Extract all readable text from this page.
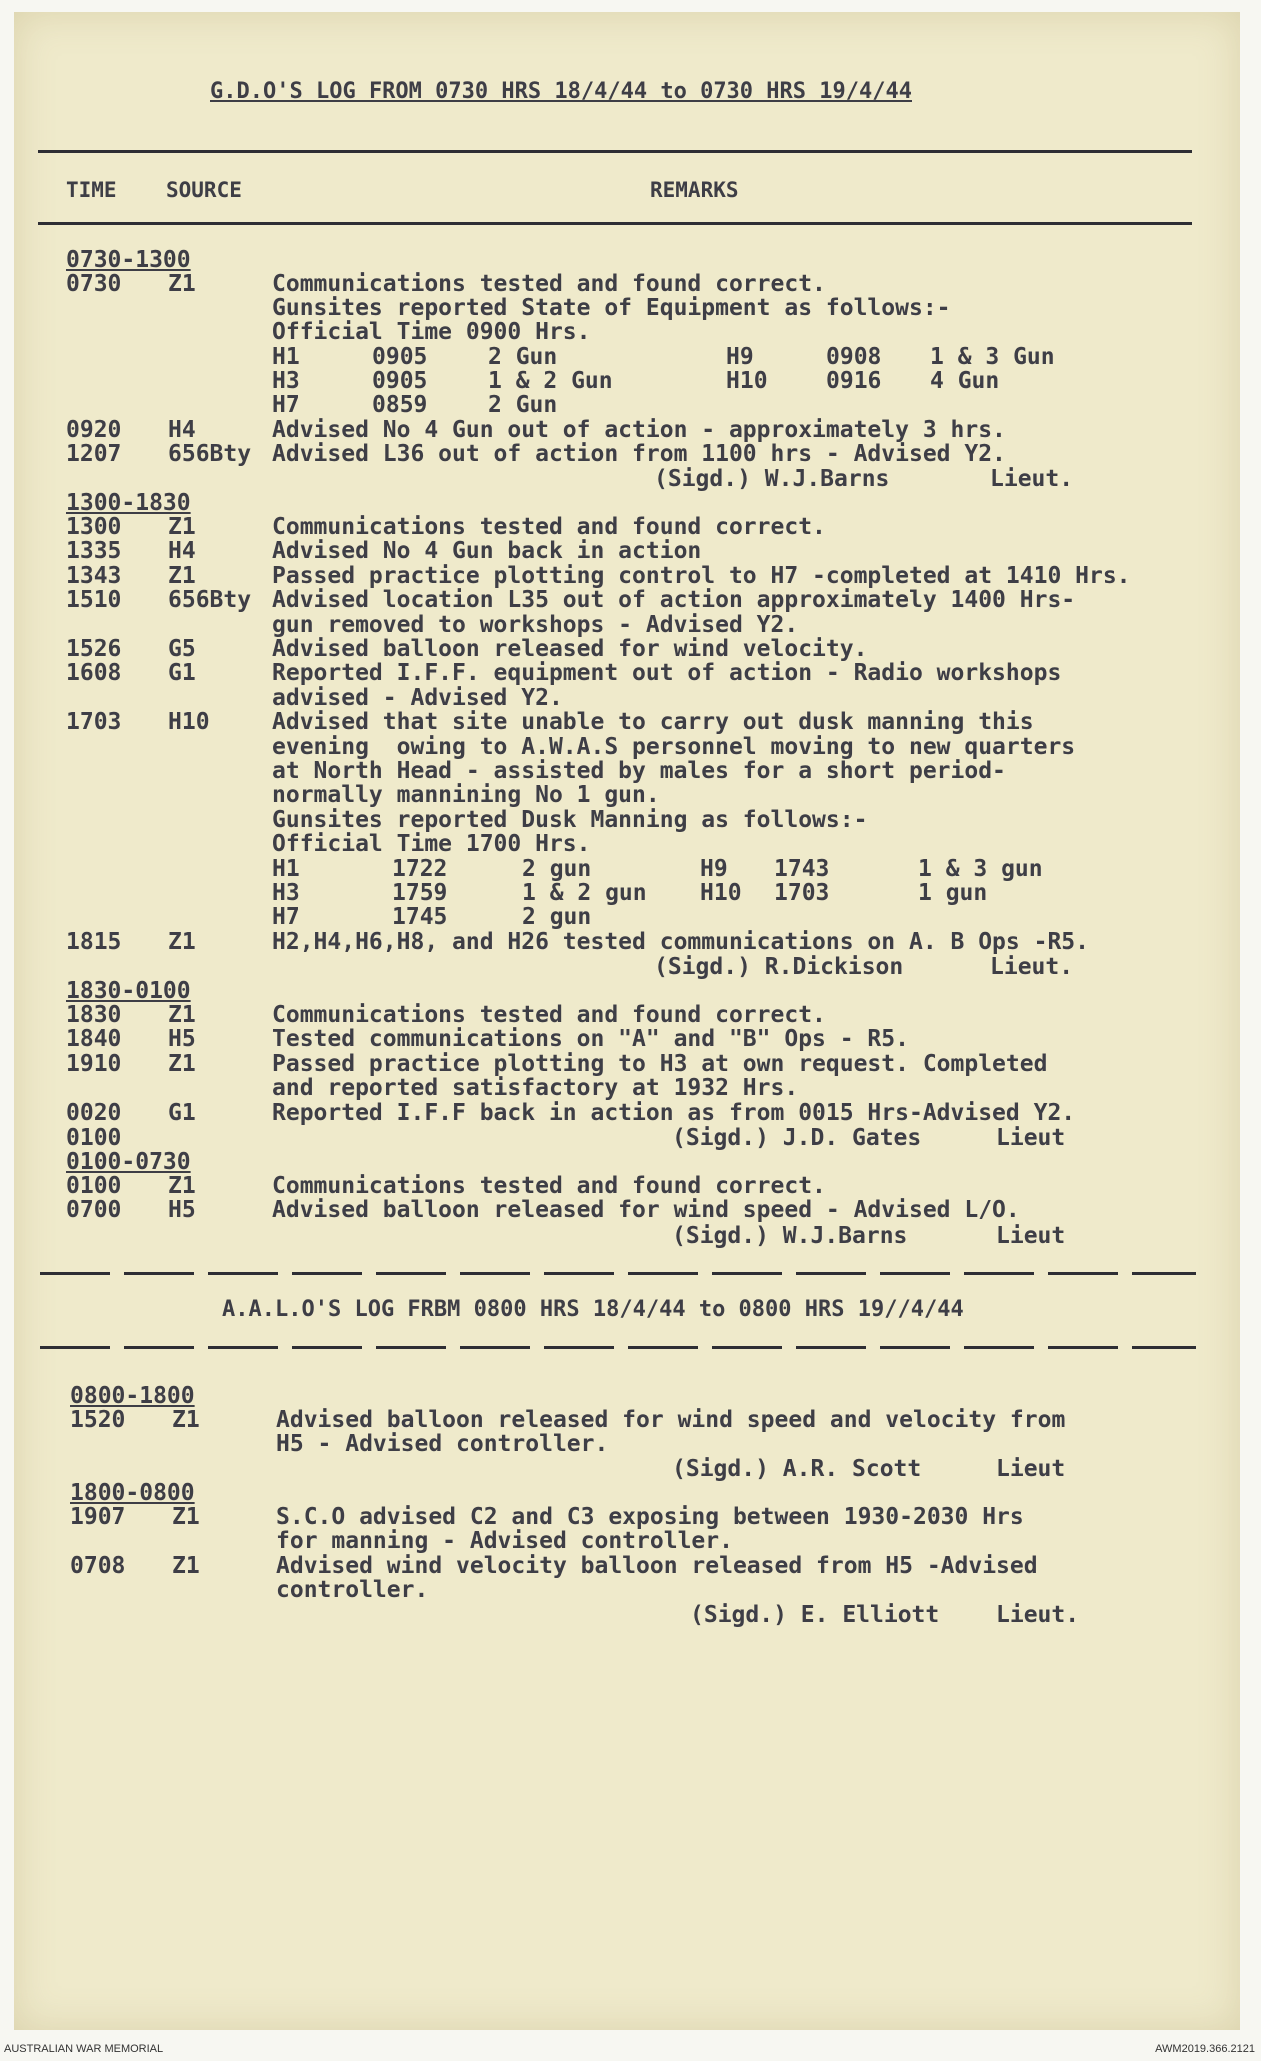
G.D.O'S LOG FROM 0730 HRS 18/4/44 to 0730 HRS 19/4/44
TIME SOURCE	REMARKS
0730-1300
0730 Z1	Communications tested and found correct.
Gunsites reported State of Equipment as follows:-
Official Time 0900 Hrs.
H1	0905	2 Gun	H9	0908 1 & 3 Gun
H3	0905	1 & 2 Gun	H10	0916 4 Gun
H7	0859	2 Gun
0920 H4	Advised No 4 Gun out of action - approximately 3 hrs.
1207 656Bty Advised L36 out of action from 1100 hrs - Advised Y2.
(Sigd.) W.J.Barns	Lieut.
1300-1830
1300 Z1	Communications tested and found correct.
1335 H4	Advised No 4 Gun back in action
1343 Z1	Passed practice plotting control to H7 -completed at 1410 Hrs.
1510 656Bty Advised location L35 out of action approximately 1400 Hrs-
gun removed to workshops - Advised Y2.
1526 G5	Advised balloon released for wind velocity.
1608 G1	Reported I.F.F. equipment out of action - Radio workshops
advised - Advised Y2.
1703 H10	Advised that site unable to carry out dusk manning this
evening  owing to A.W.A.S personnel moving to new quarters
at North Head - assisted by males for a short period-
normally mannining No 1 gun.
Gunsites reported Dusk Manning as follows:-
Official Time 1700 Hrs.
H1	1722	2 gun	H9 1743	1 & 3 gun
H3	1759	1 & 2 gun H10 1703	1 gun
H7	1745	2 gun
1815 Z1	H2,H4,H6,H8, and H26 tested communications on A. B Ops -R5.
(Sigd.) R.Dickison	Lieut.
1830-0100
1830 Z1	Communications tested and found correct.
1840 H5	Tested communications on "A" and "B" Ops - R5.
1910 Z1	Passed practice plotting to H3 at own request. Completed
and reported satisfactory at 1932 Hrs.
0020 G1	Reported I.F.F back in action as from 0015 Hrs-Advised Y2.
0100	(Sigd.) J.D. Gates	Lieut
0100-0730
0100 Z1	Communications tested and found correct.
0700 H5	Advised balloon released for wind speed - Advised L/O.
(Sigd.) W.J.Barns	Lieut
A.A.L.O'S LOG FRBM 0800 HRS 18/4/44 to 0800 HRS 19//4/44
0800-1800
1520 Z1	Advised balloon released for wind speed and velocity from
H5 - Advised controller.
(Sigd.) A.R. Scott	Lieut
1800-0800
1907 Z1	S.C.O advised C2 and C3 exposing between 1930-2030 Hrs
for manning - Advised controller.
0708 Z1	Advised wind velocity balloon released from H5 -Advised
controller.
(Sigd.) E. Elliott Lieut.
AUSTRALIAN WAR MEMORIAL	AWM2019.366.2121
